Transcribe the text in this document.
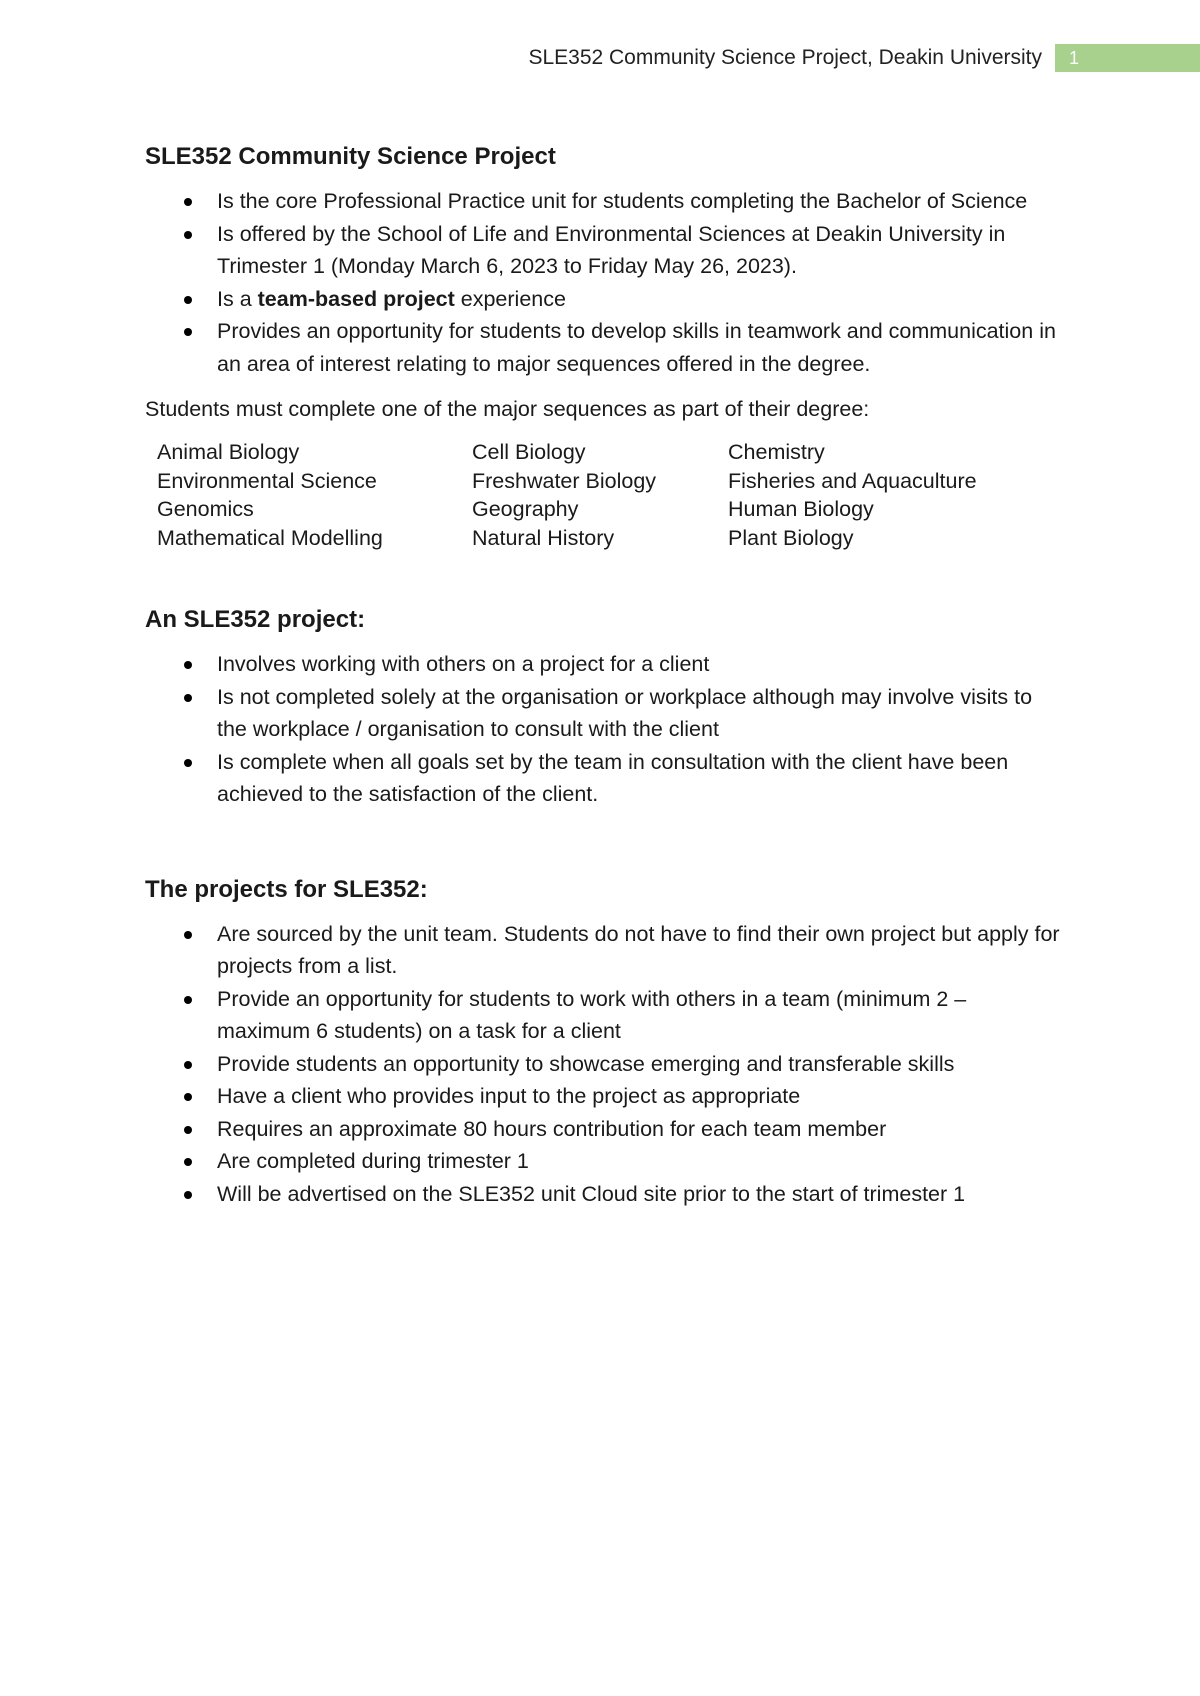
SLE352 Community Science Project, Deakin University 1
SLE352 Community Science Project
Is the core Professional Practice unit for students completing the Bachelor of Science
Is offered by the School of Life and Environmental Sciences at Deakin University in Trimester 1 (Monday March 6, 2023 to Friday May 26, 2023).
Is a team-based project experience
Provides an opportunity for students to develop skills in teamwork and communication in an area of interest relating to major sequences offered in the degree.

Students must complete one of the major sequences as part of their degree:

Animal Biology	Cell Biology	Chemistry
Environmental Science	Freshwater Biology	Fisheries and Aquaculture
Genomics	Geography	Human Biology
Mathematical Modelling	Natural History	Plant Biology
An SLE352 project:
Involves working with others on a project for a client
Is not completed solely at the organisation or workplace although may involve visits to the workplace / organisation to consult with the client
Is complete when all goals set by the team in consultation with the client have been achieved to the satisfaction of the client.
The projects for SLE352:
Are sourced by the unit team. Students do not have to find their own project but apply for projects from a list.
Provide an opportunity for students to work with others in a team (minimum 2 – maximum 6 students) on a task for a client
Provide students an opportunity to showcase emerging and transferable skills
Have a client who provides input to the project as appropriate
Requires an approximate 80 hours contribution for each team member
Are completed during trimester 1
Will be advertised on the SLE352 unit Cloud site prior to the start of trimester 1
